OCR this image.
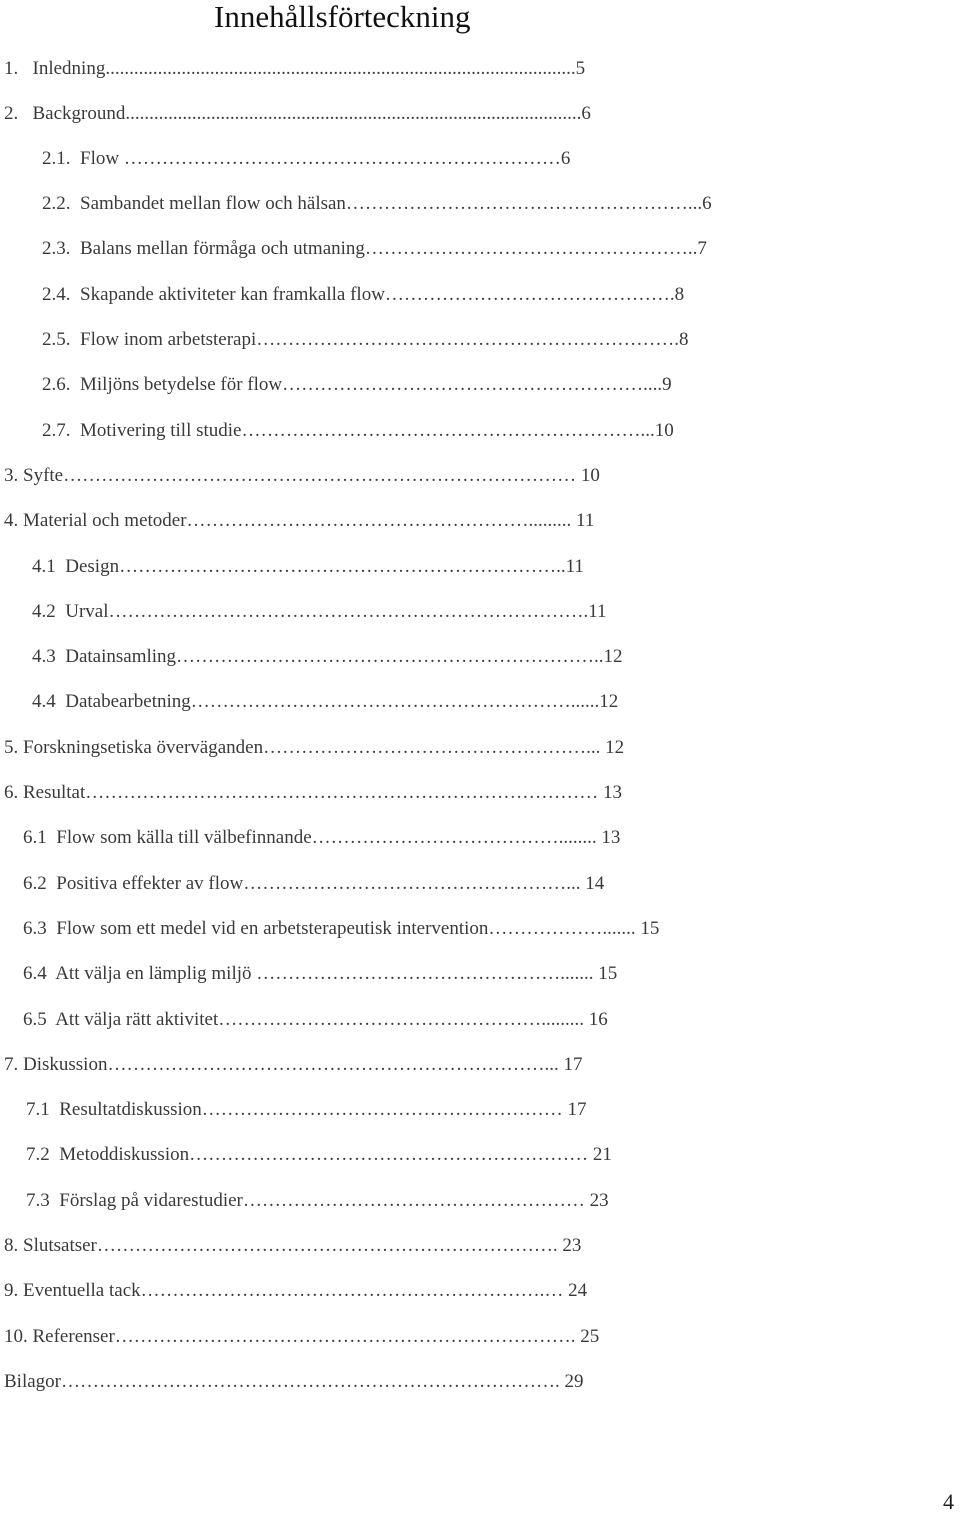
Innehållsförteckning
1.   Inledning...................................................................................................5
2.   Background................................................................................................6
2.1.  Flow ……………………………………………………………6
2.2.  Sambandet mellan flow och hälsan………………………………………………...6
2.3.  Balans mellan förmåga och utmaning……………………………………………..7
2.4.  Skapande aktiviteter kan framkalla flow……………………………………….8
2.5.  Flow inom arbetsterapi………………………………………………………….8
2.6.  Miljöns betydelse för flow…………………………………………………....9
2.7.  Motivering till studie………………………………………………………...10
3. Syfte……………………………………………………………………… 10
4. Material och metoder………………………………………………......... 11
4.1  Design……………………………………………………………..11
4.2  Urval………………………………………………………………….11
4.3  Datainsamling…………………………………………………………..12
4.4  Databearbetning……………………………………………………......12
5. Forskningsetiska överväganden……………………………………………... 12
6. Resultat……………………………………………………………………… 13
6.1  Flow som källa till välbefinnande…………………………………........ 13
6.2  Positiva effekter av flow……………………………………………... 14
6.3  Flow som ett medel vid en arbetsterapeutisk intervention………………....... 15
6.4  Att välja en lämplig miljö …………………………………………....... 15
6.5  Att välja rätt aktivitet……………………………………………......... 16
7. Diskussion……………………………………………………………... 17
7.1  Resultatdiskussion………………………………………………… 17
7.2  Metoddiskussion……………………………………………………… 21
7.3  Förslag på vidarestudier……………………………………………… 23
8. Slutsatser………………………………………………………………. 23
9. Eventuella tack……………………………………………………….… 24
10. Referenser………………………………………………………………. 25
Bilagor……………………………………………………………………. 29
4
